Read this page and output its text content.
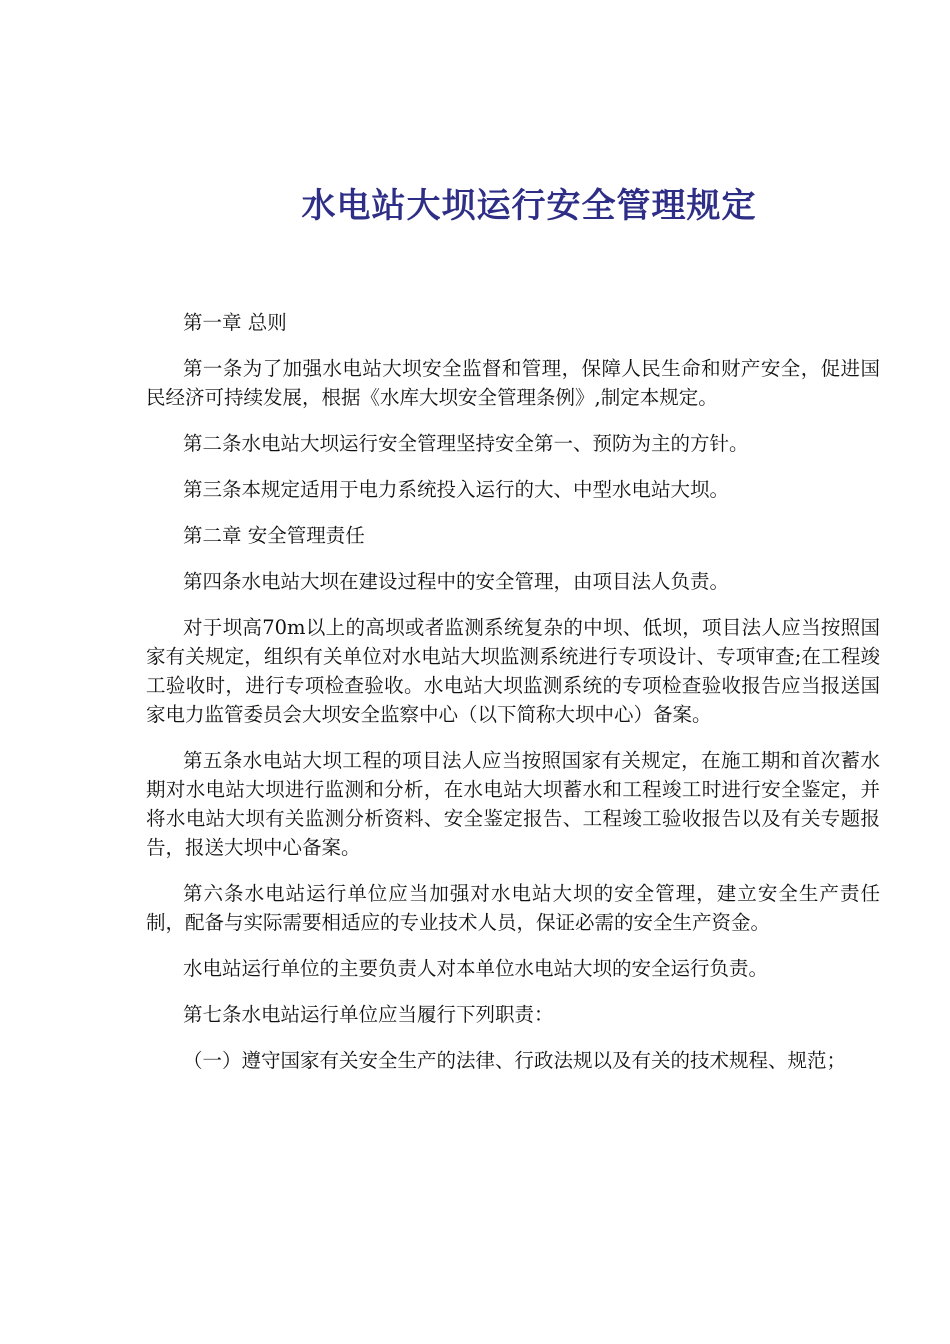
水电站大坝运行安全管理规定

第一章 总则

第一条为了加强水电站大坝安全监督和管理，保障人民生命和财产安全，促进国民经济可持续发展，根据《水库大坝安全管理条例》,制定本规定。

第二条水电站大坝运行安全管理坚持安全第一、预防为主的方针。

第三条本规定适用于电力系统投入运行的大、中型水电站大坝。

第二章 安全管理责任

第四条水电站大坝在建设过程中的安全管理，由项目法人负责。

对于坝高70m以上的高坝或者监测系统复杂的中坝、低坝，项目法人应当按照国家有关规定，组织有关单位对水电站大坝监测系统进行专项设计、专项审查;在工程竣工验收时，进行专项检查验收。水电站大坝监测系统的专项检查验收报告应当报送国家电力监管委员会大坝安全监察中心（以下简称大坝中心）备案。

第五条水电站大坝工程的项目法人应当按照国家有关规定，在施工期和首次蓄水期对水电站大坝进行监测和分析，在水电站大坝蓄水和工程竣工时进行安全鉴定，并将水电站大坝有关监测分析资料、安全鉴定报告、工程竣工验收报告以及有关专题报告，报送大坝中心备案。

第六条水电站运行单位应当加强对水电站大坝的安全管理，建立安全生产责任制，配备与实际需要相适应的专业技术人员，保证必需的安全生产资金。

水电站运行单位的主要负责人对本单位水电站大坝的安全运行负责。

第七条水电站运行单位应当履行下列职责：

（一）遵守国家有关安全生产的法律、行政法规以及有关的技术规程、规范；
